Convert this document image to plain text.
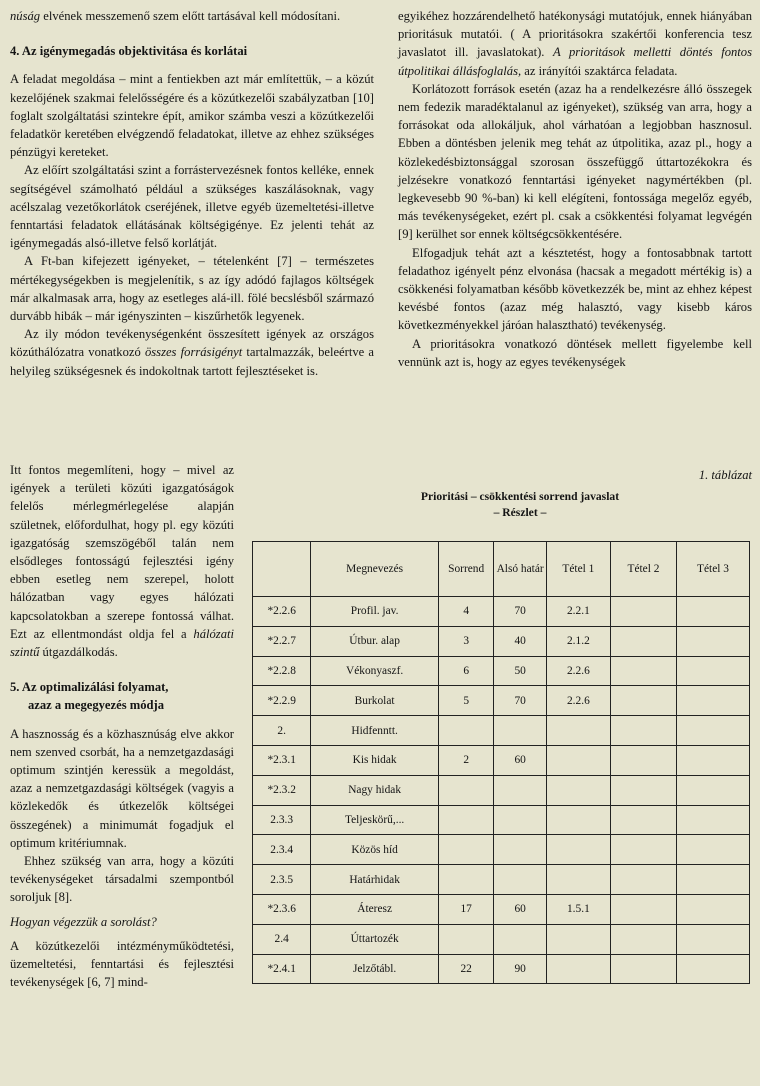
núság elvének messzemenő szem előtt tartásával kell módosítani.

4. Az igénymegadás objektivitása és korlátai

A feladat megoldása – mint a fentiekben azt már említettük, – a közút kezelőjének szakmai felelősségére és a közútkezelői szabályzatban [10] foglalt szolgáltatási szintekre épít, amikor számba veszi a közútkezelői feladatkör keretében elvégzendő feladatokat, illetve az ehhez szükséges pénzügyi kereteket.

Az előírt szolgáltatási szint a forrástervezésnek fontos kelléke, ennek segítségével számolható például a szükséges kaszálásoknak, vagy acélszalag vezetőkorlátok cseréjének, illetve egyéb üzemeltetési-illetve fenntartási feladatok ellátásának költségigénye. Ez jelenti tehát az igénymegadás alsó-illetve felső korlátját.

A Ft-ban kifejezett igényeket, – tételenként [7] – természetes mértékegységekben is megjelenítik, s az így adódó fajlagos költségek már alkalmasak arra, hogy az esetleges alá-ill. fölé becslésből származó durvább hibák – már igényszinten – kiszűrhetők legyenek.

Az ily módon tevékenységenként összesített igények az országos közúthálózatra vonatkozó összes forrásigényt tartalmazzák, beleértve a helyileg szükségesnek és indokoltnak tartott fejlesztéseket is.

Itt fontos megemlíteni, hogy – mivel az igények a területi közúti igazgatóságok felelős mérlegmérlegelése alapján születnek, előfordulhat, hogy pl. egy közúti igazgatóság szemszögéből talán nem elsődleges fontosságú fejlesztési igény ebben esetleg nem szerepel, holott hálózatban vagy egyes hálózati kapcsolatokban a szerepe fontossá válhat. Ezt az ellentmondást oldja fel a hálózati szintű útgazdálkodás.

5. Az optimalizálási folyamat,
azaz a megegyezés módja

A hasznosság és a közhasznúság elve akkor nem szenved csorbát, ha a nemzetgazdasági optimum szintjén keressük a megoldást, azaz a nemzetgazdasági költségek (vagyis a közlekedők és útkezelők költségei összegének) a minimumát fogadjuk el optimum kritériumnak.

Ehhez szükség van arra, hogy a közúti tevékenységeket társadalmi szempontból soroljuk [8].

Hogyan végezzük a sorolást?

A közútkezelői intézményműködtetési, üzemeltetési, fenntartási és fejlesztési tevékenységek [6, 7] mind-

egyikéhez hozzárendelhető hatékonysági mutatójuk, ennek hiányában prioritásuk mutatói. ( A prioritásokra szakértői konferencia tesz javaslatot ill. javaslatokat). A prioritások melletti döntés fontos útpolitikai állásfoglalás, az irányítói szaktárca feladata.

Korlátozott források esetén (azaz ha a rendelkezésre álló összegek nem fedezik maradéktalanul az igényeket), szükség van arra, hogy a forrásokat oda allokáljuk, ahol várhatóan a legjobban hasznosul. Ebben a döntésben jelenik meg tehát az útpolitika, azaz pl., hogy a közlekedésbiztonsággal szorosan összefüggő úttartozékokra és jelzésekre vonatkozó fenntartási igényeket nagymértékben (pl. legkevesebb 90 %-ban) ki kell elégíteni, fontossága megelőz egyéb, más tevékenységeket, ezért pl. csak a csökkentési folyamat legvégén [9] kerülhet sor ennek költségcsökkentésére.

Elfogadjuk tehát azt a késztetést, hogy a fontosabbnak tartott feladathoz igényelt pénz elvonása (hacsak a megadott mértékig is) a csökkenési folyamatban később következzék be, mint az ehhez képest kevésbé fontos (azaz még halasztó, vagy kisebb káros következményekkel járóan halasztható) tevékenység.

A prioritásokra vonatkozó döntések mellett figyelembe kell vennünk azt is, hogy az egyes tevékenységek

1. táblázat
Prioritási – csökkentési sorrend javaslat
– Részlet –
	Megnevezés	Sorrend	Alsó határ	Tétel 1	Tétel 2	Tétel 3
*2.2.6	Profil. jav.	4	70	2.2.1		
*2.2.7	Útbur. alap	3	40	2.1.2		
*2.2.8	Vékonyaszf.	6	50	2.2.6		
*2.2.9	Burkolat	5	70	2.2.6		
2.	Hidfenntt.					
*2.3.1	Kis hidak	2	60			
*2.3.2	Nagy hidak					
2.3.3	Teljeskörű,...					
2.3.4	Közös híd					
2.3.5	Határhidak					
*2.3.6	Áteresz	17	60	1.5.1		
2.4	Úttartozék					
*2.4.1	Jelzőtábl.	22	90			
